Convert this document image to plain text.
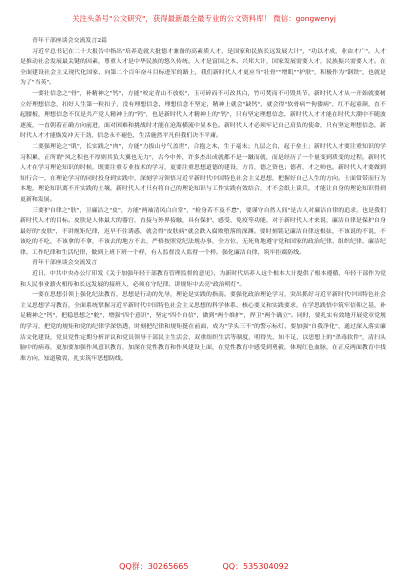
关注头条号"公文研究"，获得最新最全最专业的公文资料库！ 微信：gongwenyj

青年干部座谈会交流发言2篇

习近平总书记在二十大报告中指出"培养造就大批德才兼备的高素质人才，是国家和民族长远发展大计"，"功以才成，业由才广"。人才是推动社会发展最关键的因素，尊重人才是中华民族的悠久传统。人才是富国之本、兴邦大计，国家发展需要人才，民族振兴需要人才。在全面建设社会主义现代化国家、向第二个百年奋斗目标进军的路上，我们新时代人才更应当"壮骨""增肌""护肤"，积极作为"钢铁"，也就是为了"当英"。

一要壮信念之"骨"，补精神之"钙"，方能"咬定青山不放松"，玉可碎而不可改其白，竹可焚而不可毁其节。新时代人才从一开始就要树立好理想信念，扣好人生第一粒扣子，没有理想信念，理想信念不坚定，精神上就会"缺钙"，就会得"软骨病""佝偻病"，红不起童颜，直不起腰板，理想信念不仅是共产党人精神上的"钙"，也是新时代人才精神上的"钙"，只有坚定理想信念，新时代人才才能在时代大潮中不随波逐流，一直朝着正确方向前进，面对困难和挑战时才能在沧海横流中显本色。新时代人才必须牢记自己肩负的使命，只有坚定理想信念，新时代人才才能焕发冲天干劲，信念永不褪色，生活施然平凡但我们决不平庸。

二要强理论之"肌"，长实践之"肉"，方能"力拔山兮气盖世"，合抱之木，生于毫末；九层之台，起于垒土；新时代人才要注重知识的学习积累，正所谓"风之积也不厚则其负大翼也无力"，古今中外，许多杰出成就都不是一蹴而就，而是经历了一个量变到质变的过程。新时代人才在学习理论知识的时候，既要注重专业技术的学习，更要注重思想道德的建设，方肯，德之资也；德者，才之帅也。新时代人才要做到知行合一，在理论学习的同时投身到实践中，深刻学习领悟习近平新时代中国特色社会主义思想，把握好自己人生的方向。士面常带而行为本地，理论知识离不开实践的土壤，新时代人才只有将自己的理论知识与工作实践有效结合，才不会纸上谈兵，才能让自身的理论知识得到更新和发展。

三要护自律之"肤"，卫廉洁之"皮"，方能"两袖清风白自堂"，"检身若不及不怠"，要谨守自然人间"是古人对廉洁自律的追求，也是我们新时代人才的目标。皮肤是人体最大的器官，直接与外界接触，具有保护、感受、免疫等功能，对于新时代人才来说，廉洁自律是保护自身最好的"皮肤"，不讲规矩纪律，迟早不住诱惑，就会得"皮肤病"就会跌入腐败堕落的深渊。要时刻铭记廉洁自律这根弦，不该说的不说，不该吃的不吃，不该拿的不拿，不该去的地方不去，严格按照党纪法规办事，全方位、无死角地遵守党和国家的政治纪律、组织纪律、廉洁纪律、工作纪律和生活纪律，做到上班下班一个样，有人监督没人监督一个样。强化廉洁自律，筑牢拒腐防线。

青年干部座谈会交流发言

近日，中共中央办公厅印发《关于加强年轻干部教育管理监督的意见》，为新时代培养人这个根本大计提供了根本遵循，年轻干部作为党和人民事业薪火相传和长远发展的接班人，必须在守纪律、讲规矩中去亮"政治明灯"。

一要在思想引领上强化纪法教育，思想是行动的先导，理论是实践的指南。要强化政治理论学习，突出抓好习近平新时代中国特色社会主义思想学习教育，全面系统掌握习近平新时代中国特色社会主义思想的科学体系、核心要义和实践要求，在学思践悟中筑牢信仰之基，补足精神之"钙"，把稳思想之"舵"，增强"四个意识"，坚定"四个自信"，做到"两个维护"，捍卫"两个确立"。同时，要扎实有效地开展党章党规的学习，把党的规矩和党的纪律学深悟透，时刻把纪律和规矩挺在前面，成为"学头三不"的警示标灯。要加强"自我净化"，通过深入落实廉洁文化建设，党员党性定期分析评议和党员领导干部民主生活会、双重组织生活等制度，明得失、知不足，以思想上的"杀毒软件"，清扫头脑中的病毒，更加要加强作风意识教育，加深在党性教育和作风建设上面，在党性教育中感受到勇毅，体现红色血脉，在正反两面教育中找准方向，知道敬畏，扎实筑牢思想防线。

QQ群：30265665	QQ：535304092
